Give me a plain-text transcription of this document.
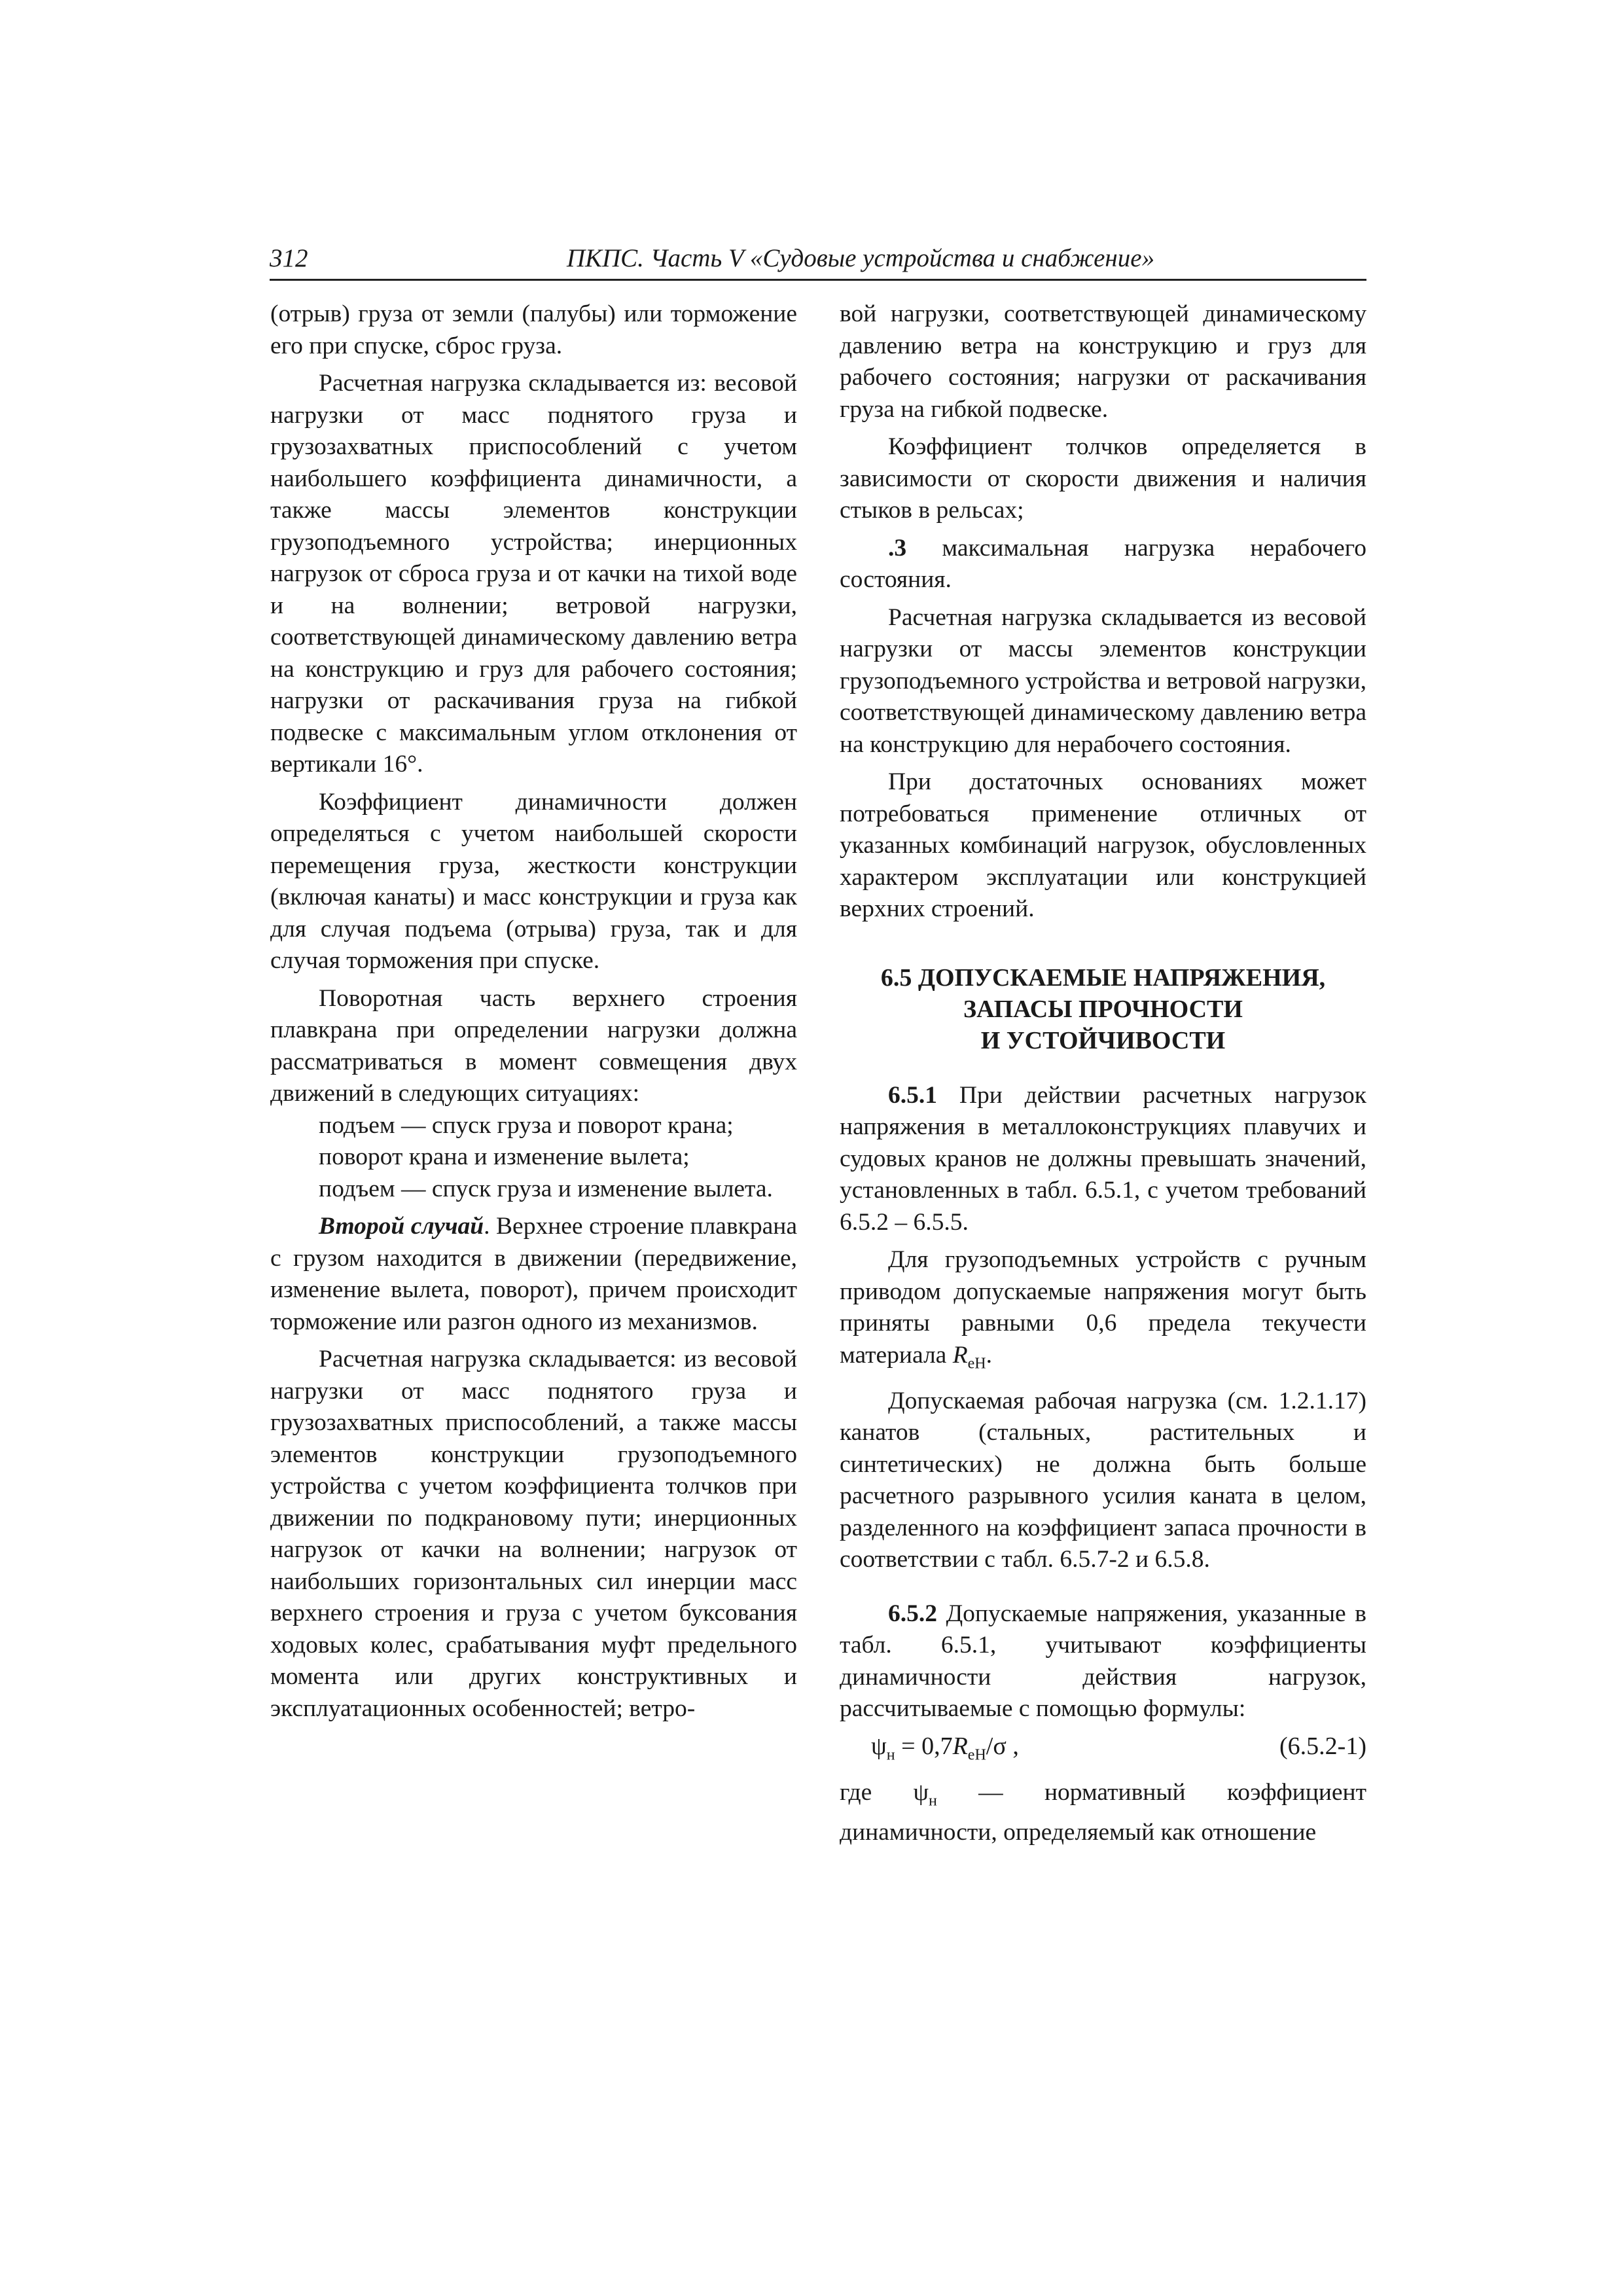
312	ПКПС. Часть V «Судовые устройства и снабжение»

(отрыв) груза от земли (палубы) или торможение его при спуске, сброс груза.

Расчетная нагрузка складывается из: весовой нагрузки от масс поднятого груза и грузозахватных приспособлений с учетом наибольшего коэффициента динамичности, а также массы элементов конструкции грузоподъемного устройства; инерционных нагрузок от сброса груза и от качки на тихой воде и на волнении; ветровой нагрузки, соответствующей динамическому давлению ветра на конструкцию и груз для рабочего состояния; нагрузки от раскачивания груза на гибкой подвеске с максимальным углом отклонения от вертикали 16°.

Коэффициент динамичности должен определяться с учетом наибольшей скорости перемещения груза, жесткости конструкции (включая канаты) и масс конструкции и груза как для случая подъема (отрыва) груза, так и для случая торможения при спуске.

Поворотная часть верхнего строения плавкрана при определении нагрузки должна рассматриваться в момент совмещения двух движений в следующих ситуациях:

подъем — спуск груза и поворот крана;

поворот крана и изменение вылета;

подъем — спуск груза и изменение вылета.

Второй случай. Верхнее строение плавкрана с грузом находится в движении (передвижение, изменение вылета, поворот), причем происходит торможение или разгон одного из механизмов.

Расчетная нагрузка складывается: из весовой нагрузки от масс поднятого груза и грузозахватных приспособлений, а также массы элементов конструкции грузоподъемного устройства с учетом коэффициента толчков при движении по подкрановому пути; инерционных нагрузок от качки на волнении; нагрузок от наибольших горизонтальных сил инерции масс верхнего строения и груза с учетом буксования ходовых колес, срабатывания муфт предельного момента или других конструктивных и эксплуатационных особенностей; ветро-

вой нагрузки, соответствующей динамическому давлению ветра на конструкцию и груз для рабочего состояния; нагрузки от раскачивания груза на гибкой подвеске.

Коэффициент толчков определяется в зависимости от скорости движения и наличия стыков в рельсах;

.3 максимальная нагрузка нерабочего состояния.

Расчетная нагрузка складывается из весовой нагрузки от массы элементов конструкции грузоподъемного устройства и ветровой нагрузки, соответствующей динамическому давлению ветра на конструкцию для нерабочего состояния.

При достаточных основаниях может потребоваться применение отличных от указанных комбинаций нагрузок, обусловленных характером эксплуатации или конструкцией верхних строений.

6.5 ДОПУСКАЕМЫЕ НАПРЯЖЕНИЯ,
ЗАПАСЫ ПРОЧНОСТИ
И УСТОЙЧИВОСТИ

6.5.1 При действии расчетных нагрузок напряжения в металлоконструкциях плавучих и судовых кранов не должны превышать значений, установленных в табл. 6.5.1, с учетом требований 6.5.2 – 6.5.5.

Для грузоподъемных устройств с ручным приводом допускаемые напряжения могут быть приняты равными 0,6 предела текучести материала $R_{eH}$.

Допускаемая рабочая нагрузка (см. 1.2.1.17) канатов (стальных, растительных и синтетических) не должна быть больше расчетного разрывного усилия каната в целом, разделенного на коэффициент запаса прочности в соответствии с табл. 6.5.7-2 и 6.5.8.

6.5.2 Допускаемые напряжения, указанные в табл. 6.5.1, учитывают коэффициенты динамичности действия нагрузок, рассчитываемые с помощью формулы:

$\psi_н = 0,7R_{eH}/\sigma$ ,	(6.5.2-1)

где $\psi_н$ — нормативный коэффициент динамичности, определяемый как отношение
